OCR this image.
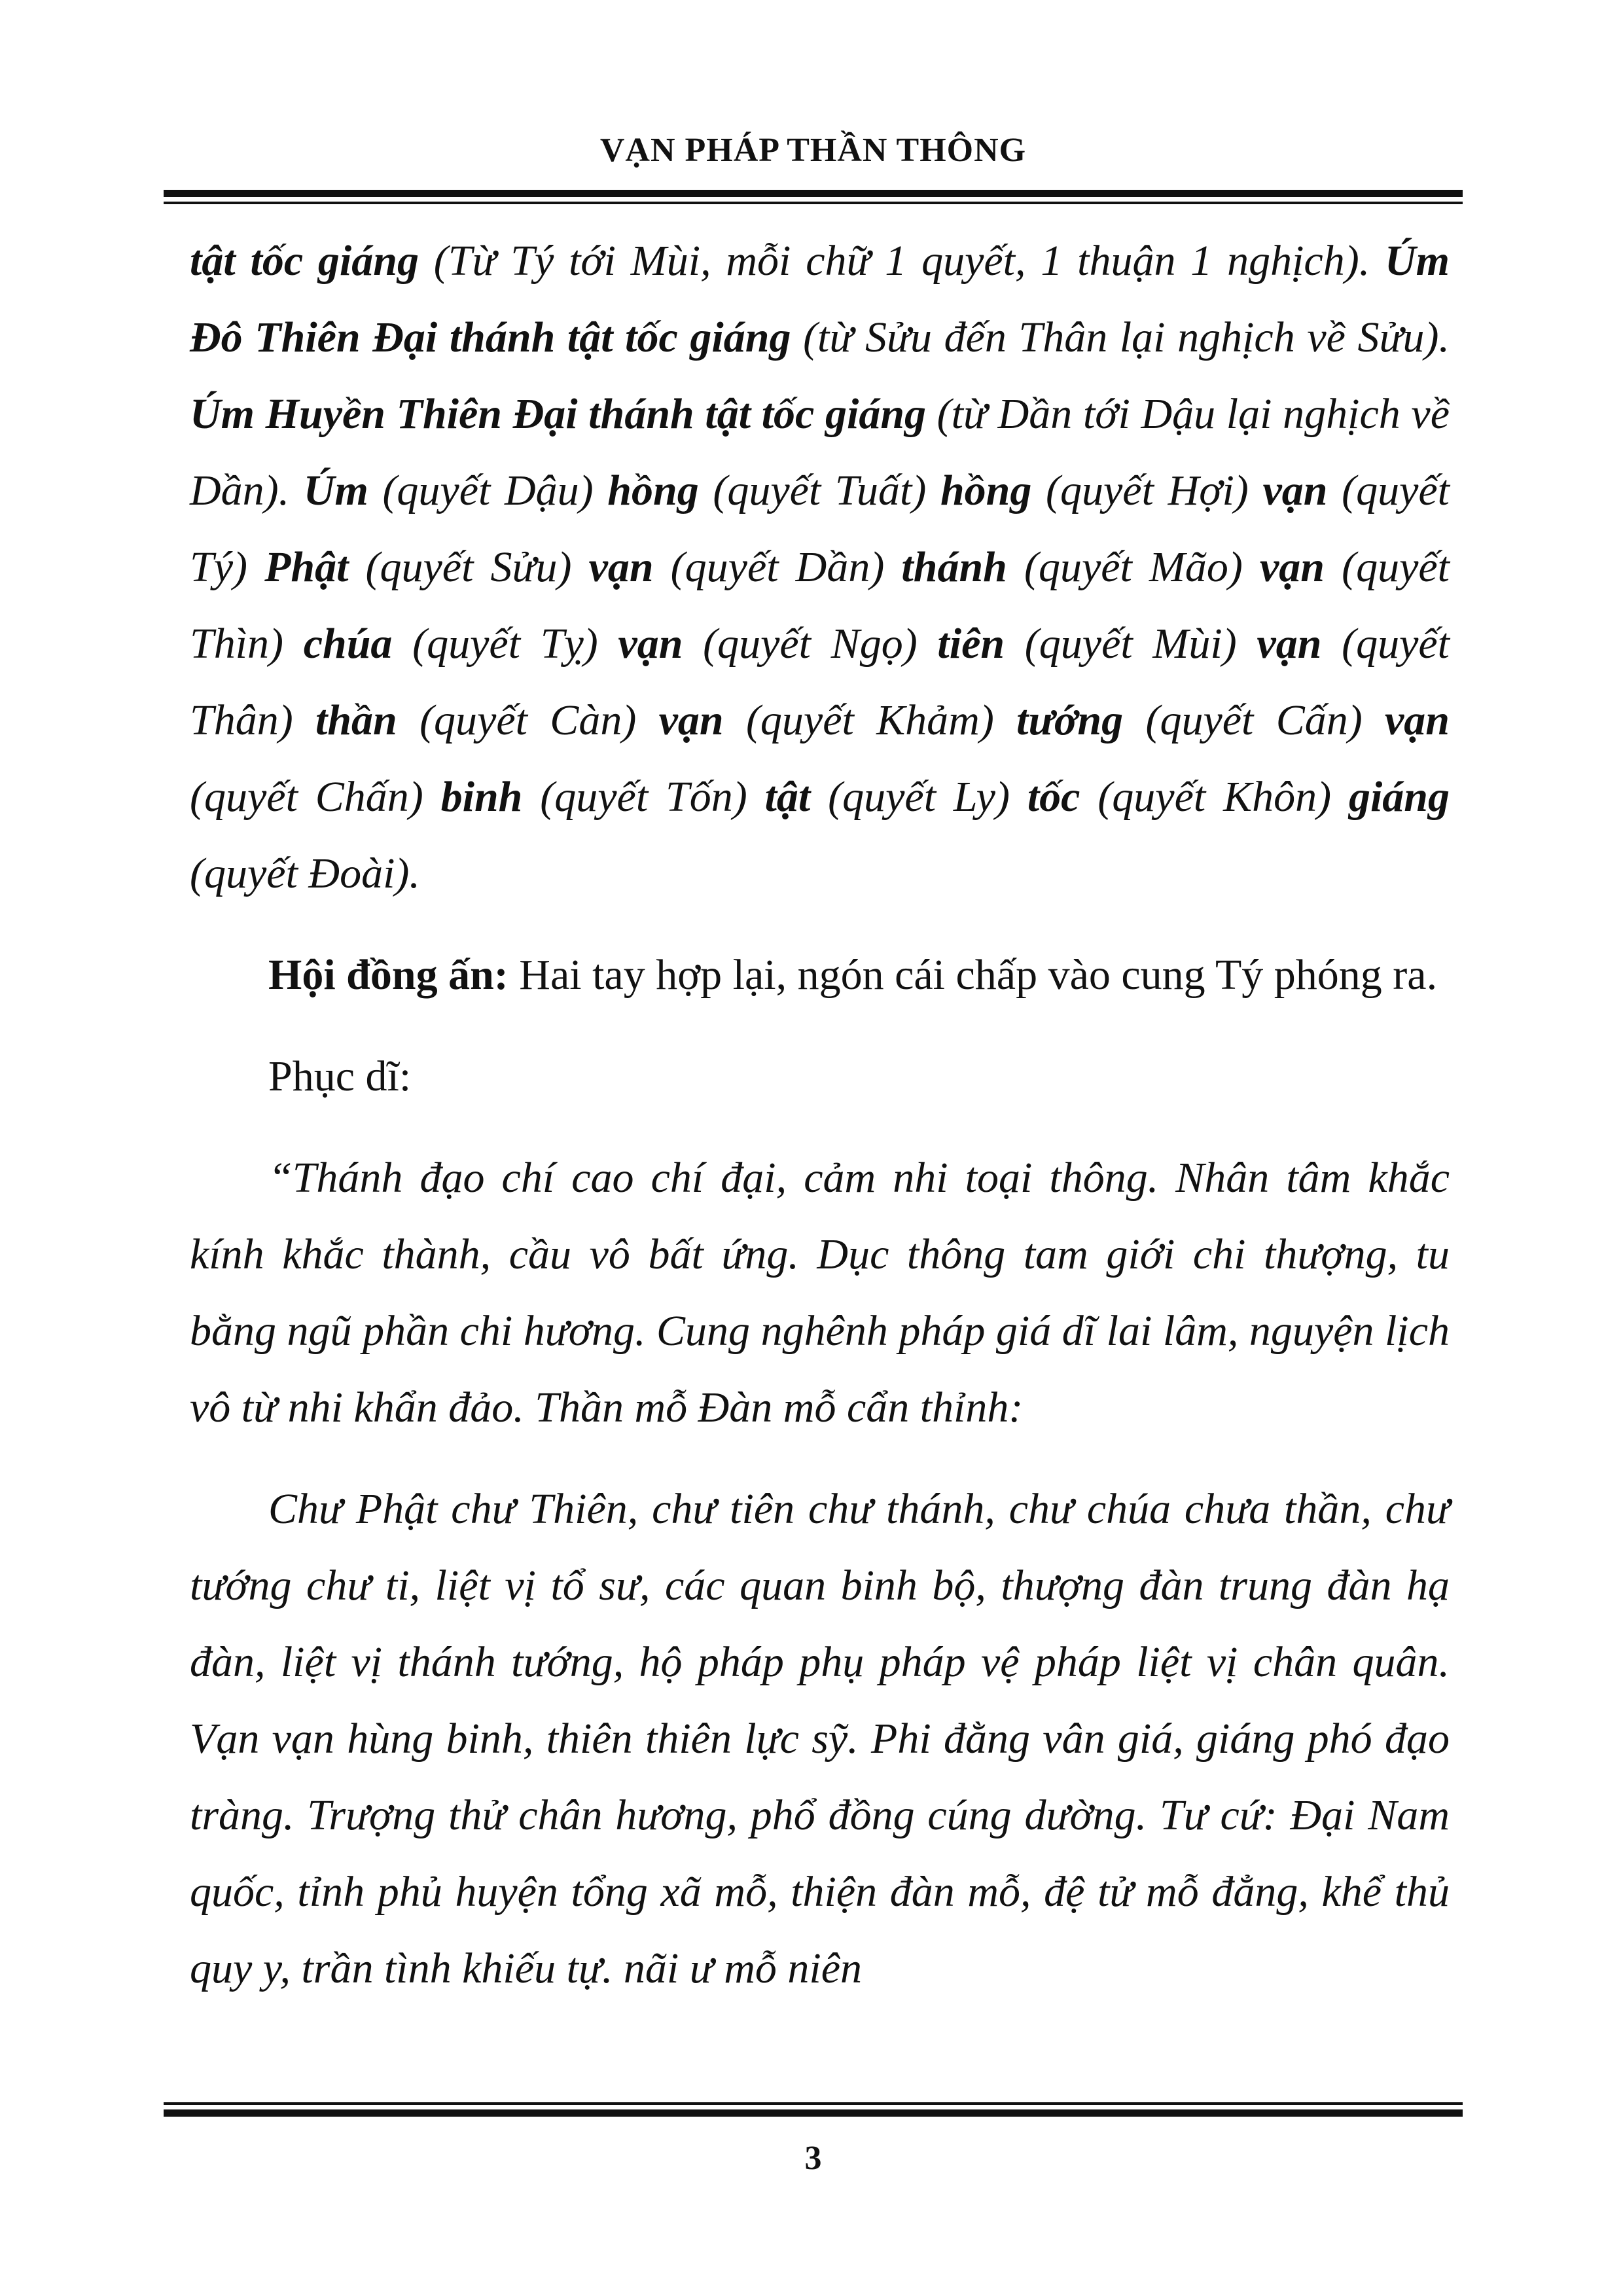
VẠN PHÁP THẦN THÔNG

tật tốc giáng (Từ Tý tới Mùi, mỗi chữ 1 quyết, 1 thuận 1 nghịch). Úm Đô Thiên Đại thánh tật tốc giáng (từ Sửu đến Thân lại nghịch về Sửu). Úm Huyền Thiên Đại thánh tật tốc giáng (từ Dần tới Dậu lại nghịch về Dần). Úm (quyết Dậu) hồng (quyết Tuất) hồng (quyết Hợi) vạn (quyết Tý) Phật (quyết Sửu) vạn (quyết Dần) thánh (quyết Mão) vạn (quyết Thìn) chúa (quyết Tỵ) vạn (quyết Ngọ) tiên (quyết Mùi) vạn (quyết Thân) thần (quyết Càn) vạn (quyết Khảm) tướng (quyết Cấn) vạn (quyết Chấn) binh (quyết Tốn) tật (quyết Ly) tốc (quyết Khôn) giáng (quyết Đoài).

Hội đồng ấn: Hai tay hợp lại, ngón cái chấp vào cung Tý phóng ra.

Phục dĩ:

“Thánh đạo chí cao chí đại, cảm nhi toại thông. Nhân tâm khắc kính khắc thành, cầu vô bất ứng. Dục thông tam giới chi thượng, tu bằng ngũ phần chi hương. Cung nghênh pháp giá dĩ lai lâm, nguyện lịch vô từ nhi khẩn đảo. Thần mỗ Đàn mỗ cẩn thỉnh:

Chư Phật chư Thiên, chư tiên chư thánh, chư chúa chưa thần, chư tướng chư ti, liệt vị tổ sư, các quan binh bộ, thượng đàn trung đàn hạ đàn, liệt vị thánh tướng, hộ pháp phụ pháp vệ pháp liệt vị chân quân. Vạn vạn hùng binh, thiên thiên lực sỹ. Phi đằng vân giá, giáng phó đạo tràng. Trượng thử chân hương, phổ đồng cúng dường. Tư cứ: Đại Nam quốc, tỉnh phủ huyện tổng xã mỗ, thiện đàn mỗ, đệ tử mỗ đẳng, khể thủ quy y, trần tình khiếu tự. nãi ư mỗ niên

3
